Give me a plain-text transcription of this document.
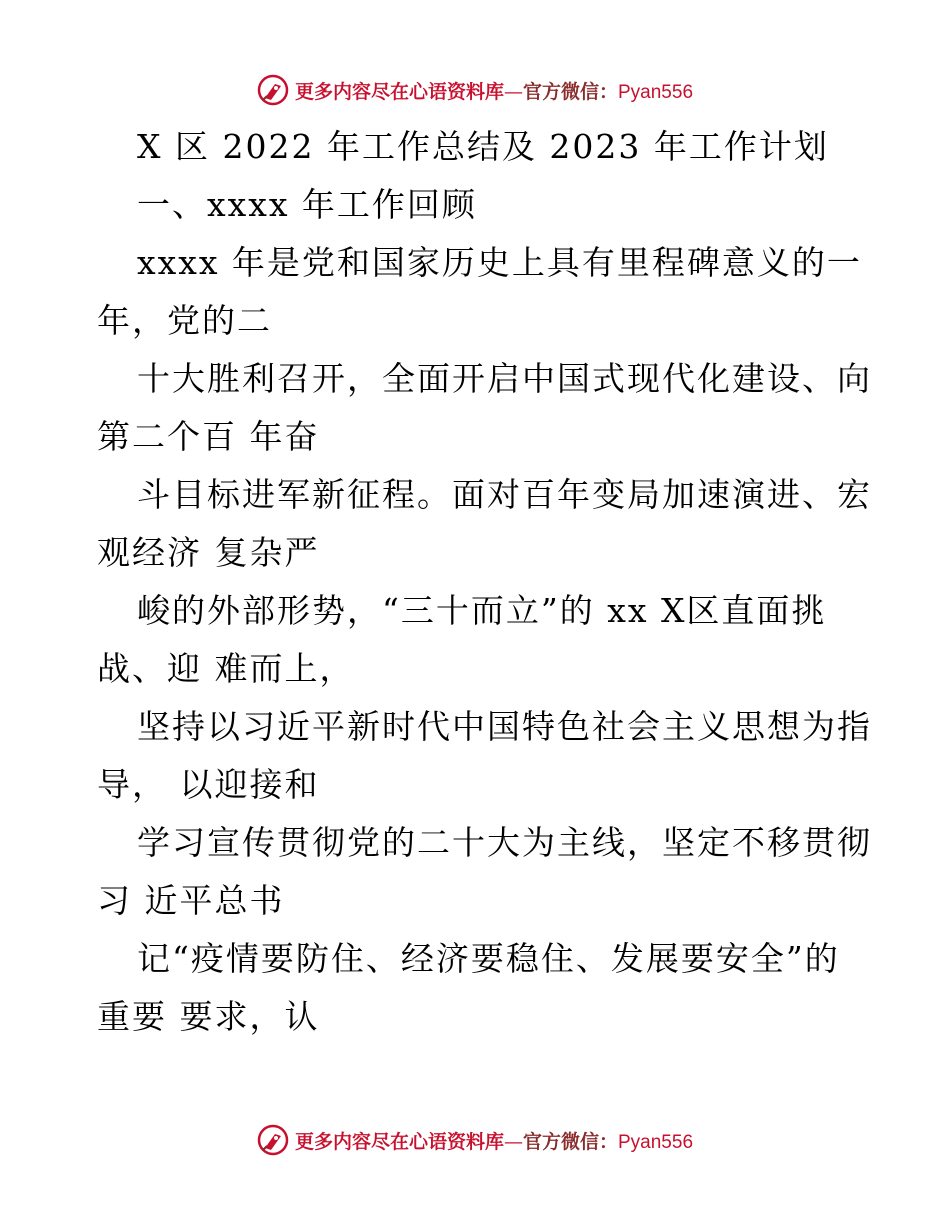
更多内容尽在心语资料库—官方微信：Pyan556
X 区 2022 年工作总结及 2023 年工作计划
一、xxxx 年工作回顾
xxxx 年是党和国家历史上具有里程碑意义的一
年，党的二
十大胜利召开，全面开启中国式现代化建设、向
第二个百 年奋
斗目标进军新征程。面对百年变局加速演进、宏
观经济 复杂严
峻的外部形势，“三十而立”的 xx X区直面挑
战、迎 难而上，
坚持以习近平新时代中国特色社会主义思想为指
导， 以迎接和
学习宣传贯彻党的二十大为主线，坚定不移贯彻
习 近平总书
记“疫情要防住、经济要稳住、发展要安全”的
重要 要求，认
更多内容尽在心语资料库—官方微信：Pyan556
